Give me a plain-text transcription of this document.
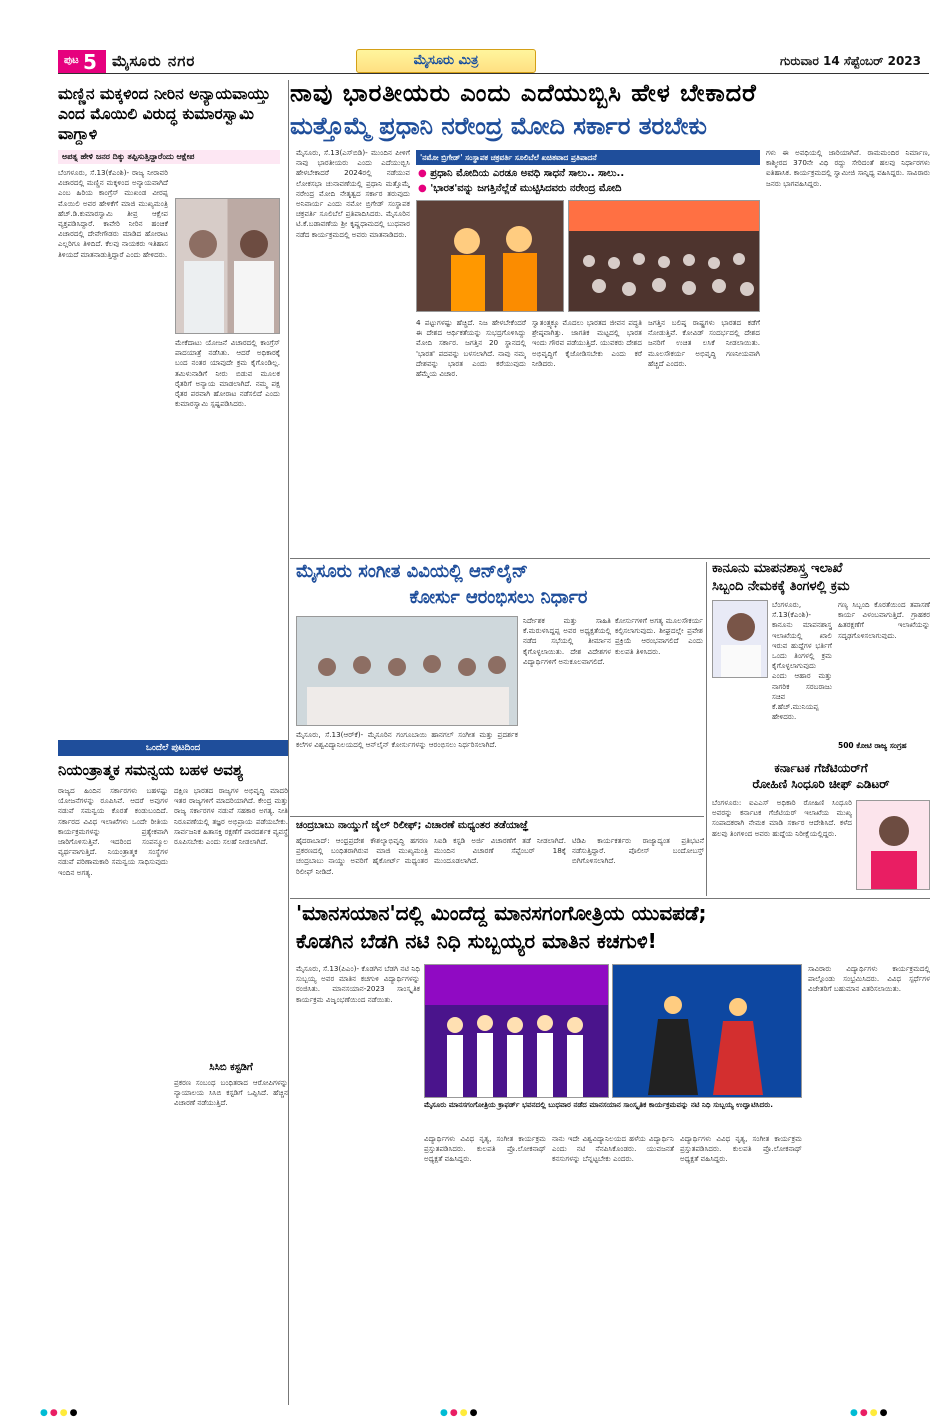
ಪುಟ 5 ಮೈಸೂರು ನಗರ	ಮೈಸೂರು ಮಿತ್ರ	ಗುರುವಾರ 14 ಸೆಪ್ಟೆಂಬರ್ 2023
ನಾವು ಭಾರತೀಯರು ಎಂದು ಎದೆಯುಬ್ಬಿಸಿ ಹೇಳ ಬೇಕಾದರೆ
ಮತ್ತೊಮ್ಮೆ ಪ್ರಧಾನಿ ನರೇಂದ್ರ ಮೋದಿ ಸರ್ಕಾರ ತರಬೇಕು
ಮಣ್ಣಿನ ಮಕ್ಕಳಿಂದ ನೀರಿನ ಅನ್ಯಾಯವಾಯ್ತು ಎಂದ ಮೊಯಿಲಿ ವಿರುದ್ಧ ಕುಮಾರಸ್ವಾಮಿ ವಾಗ್ದಾಳಿ
ಅಪತ್ನ ಹೇಳಿ ಜನರ ದಿಕ್ಕು ತಪ್ಪಿಸುತ್ತಿದ್ದಾರೆಂದು ಆಕ್ಷೇಪ
ಬೆಂಗಳೂರು, ಸೆ.13(ಕೆಎಂಶಿ)- ರಾಜ್ಯ ನೀರಾವರಿ ವಿಚಾರದಲ್ಲಿ ಮಣ್ಣಿನ ಮಕ್ಕಳಿಂದ ಅನ್ಯಾಯವಾಗಿದೆ ಎಂಬ ಹಿರಿಯ ಕಾಂಗ್ರೆಸ್ ಮುಖಂಡ ವೀರಪ್ಪ ಮೊಯಿಲಿ ಅವರ ಹೇಳಿಕೆಗೆ ಮಾಜಿ ಮುಖ್ಯಮಂತ್ರಿ ಹೆಚ್.ಡಿ.ಕುಮಾರಸ್ವಾಮಿ ತೀವ್ರ ಆಕ್ಷೇಪ ವ್ಯಕ್ತಪಡಿಸಿದ್ದಾರೆ. ಕಾವೇರಿ ನೀರಿನ ಹಂಚಿಕೆ ವಿಚಾರದಲ್ಲಿ ದೇವೇಗೌಡರು ಮಾಡಿದ ಹೋರಾಟ ಎಲ್ಲರಿಗೂ ತಿಳಿದಿದೆ. ಕೆಲವು ನಾಯಕರು ಇತಿಹಾಸ ತಿಳಿಯದೆ ಮಾತನಾಡುತ್ತಿದ್ದಾರೆ ಎಂದು ಹೇಳಿದರು.
ಮೇಕೆದಾಟು ಯೋಜನೆ ವಿಚಾರದಲ್ಲಿ ಕಾಂಗ್ರೆಸ್ ಪಾದಯಾತ್ರೆ ನಡೆಸಿತು. ಆದರೆ ಅಧಿಕಾರಕ್ಕೆ ಬಂದ ನಂತರ ಯಾವುದೇ ಕ್ರಮ ಕೈಗೊಂಡಿಲ್ಲ. ತಮಿಳುನಾಡಿಗೆ ನೀರು ಬಿಡುವ ಮೂಲಕ ರೈತರಿಗೆ ಅನ್ಯಾಯ ಮಾಡಲಾಗಿದೆ. ನಮ್ಮ ಪಕ್ಷ ರೈತರ ಪರವಾಗಿ ಹೋರಾಟ ನಡೆಸಲಿದೆ ಎಂದು ಕುಮಾರಸ್ವಾಮಿ ಸ್ಪಷ್ಟಪಡಿಸಿದರು.
ಒಂದೆಲೆ ಪುಟದಿಂದ
ನಿಯಂತ್ರಾತ್ಮಕ ಸಮನ್ವಯ ಬಹಳ ಅವಶ್ಯ
ರಾಜ್ಯದ ಹಿಂದಿನ ಸರ್ಕಾರಗಳು ಬಹಳಷ್ಟು ಯೋಜನೆಗಳನ್ನು ರೂಪಿಸಿವೆ. ಆದರೆ ಅವುಗಳ ನಡುವೆ ಸಮನ್ವಯ ಕೊರತೆ ಕಂಡುಬಂದಿದೆ. ಸರ್ಕಾರದ ವಿವಿಧ ಇಲಾಖೆಗಳು ಒಂದೇ ರೀತಿಯ ಕಾರ್ಯಕ್ರಮಗಳನ್ನು ಪ್ರತ್ಯೇಕವಾಗಿ ಜಾರಿಗೊಳಿಸುತ್ತಿವೆ. ಇದರಿಂದ ಸಂಪನ್ಮೂಲ ವ್ಯರ್ಥವಾಗುತ್ತಿದೆ. ನಿಯಂತ್ರಾತ್ಮಕ ಸಂಸ್ಥೆಗಳ ನಡುವೆ ಪರಿಣಾಮಕಾರಿ ಸಮನ್ವಯ ಸಾಧಿಸುವುದು ಇಂದಿನ ಅಗತ್ಯ.
ದಕ್ಷಿಣ ಭಾರತದ ರಾಜ್ಯಗಳ ಅಭಿವೃದ್ಧಿ ಮಾದರಿ ಇತರ ರಾಜ್ಯಗಳಿಗೆ ಮಾದರಿಯಾಗಿದೆ. ಕೇಂದ್ರ ಮತ್ತು ರಾಜ್ಯ ಸರ್ಕಾರಗಳ ನಡುವೆ ಸಹಕಾರ ಅಗತ್ಯ. ನೀತಿ ನಿರೂಪಣೆಯಲ್ಲಿ ತಜ್ಞರ ಅಭಿಪ್ರಾಯ ಪಡೆಯಬೇಕು. ಸಾರ್ವಜನಿಕ ಹಿತಾಸಕ್ತಿ ರಕ್ಷಣೆಗೆ ಪಾರದರ್ಶಕ ವ್ಯವಸ್ಥೆ ರೂಪಿಸಬೇಕು ಎಂದು ಸಲಹೆ ನೀಡಲಾಗಿದೆ.
ಸಿಸಿಬಿ ಕಸ್ಟಡಿಗೆ
ಪ್ರಕರಣ ಸಂಬಂಧ ಬಂಧಿತರಾದ ಆರೋಪಿಗಳನ್ನು ನ್ಯಾಯಾಲಯ ಸಿಸಿಬಿ ಕಸ್ಟಡಿಗೆ ಒಪ್ಪಿಸಿದೆ. ಹೆಚ್ಚಿನ ವಿಚಾರಣೆ ನಡೆಯುತ್ತಿದೆ.
ಮೈಸೂರು, ಸೆ.13(ಎಸ್‌ಬಿಡಿ)- ಮುಂದಿನ ಪೀಳಿಗೆ ನಾವು ಭಾರತೀಯರು ಎಂದು ಎದೆಯುಬ್ಬಿಸಿ ಹೇಳಬೇಕಾದರೆ 2024ರಲ್ಲಿ ನಡೆಯುವ ಲೋಕಸಭಾ ಚುನಾವಣೆಯಲ್ಲಿ ಪ್ರಧಾನಿ ಮತ್ತೊಮ್ಮೆ ನರೇಂದ್ರ ಮೋದಿ ನೇತೃತ್ವದ ಸರ್ಕಾರ ತರುವುದು ಅನಿವಾರ್ಯ ಎಂದು ನಮೋ ಬ್ರಿಗೇಡ್ ಸಂಸ್ಥಾಪಕ ಚಕ್ರವರ್ತಿ ಸೂಲಿಬೆಲೆ ಪ್ರತಿಪಾದಿಸಿದರು. ಮೈಸೂರಿನ ಟಿ.ಕೆ.ಬಡಾವಣೆಯ ಶ್ರೀ ಕೃಷ್ಣಧಾಮದಲ್ಲಿ ಬುಧವಾರ ನಡೆದ ಕಾರ್ಯಕ್ರಮದಲ್ಲಿ ಅವರು ಮಾತನಾಡಿದರು.
'ನಮೋ ಬ್ರಿಗೇಡ್' ಸಂಸ್ಥಾಪಕ ಚಕ್ರವರ್ತಿ ಸೂಲಿಬೆಲೆ ಖಚಿತವಾದ ಪ್ರತಿಪಾದನೆ
● ಪ್ರಧಾನಿ ಮೋದಿಯ ಎರಡೂ ಅವಧಿ ಸಾಧನೆ ಸಾಲು.. ಸಾಲು..
● 'ಭಾರತ'ವನ್ನು ಜಗತ್ತಿನೆಲ್ಲೆಡೆ ಮುಟ್ಟಿಸಿದವರು ನರೇಂದ್ರ ಮೋದಿ
4 ಪಟ್ಟುಗಳಷ್ಟು ಹೆಚ್ಚಿದೆ. ನಿಜ ಹೇಳಬೇಕೆಂದರೆ ಈ ದೇಶದ ಆರ್ಥಿಕತೆಯನ್ನು ಸುಭದ್ರಗೊಳಿಸಿದ್ದು ಮೋದಿ ಸರ್ಕಾರ. ಜಗತ್ತಿನ 20 ಸ್ಥಾನದಲ್ಲಿ 'ಭಾರತ' ಪದವನ್ನು ಬಳಸಲಾಗಿದೆ. ನಾವು ನಮ್ಮ ದೇಶವನ್ನು ಭಾರತ ಎಂದು ಕರೆಯುವುದು ಹೆಮ್ಮೆಯ ವಿಚಾರ.
ಸ್ವಾತಂತ್ರ್ಯಕ್ಕೂ ಮೊದಲು ಭಾರತದ ಜೀವನ ಪದ್ಧತಿ ಶ್ರೇಷ್ಠವಾಗಿತ್ತು. ಜಾಗತಿಕ ಮಟ್ಟದಲ್ಲಿ ಭಾರತ ಇಂದು ಗೌರವ ಪಡೆಯುತ್ತಿದೆ. ಯುವಕರು ದೇಶದ ಅಭಿವೃದ್ಧಿಗೆ ಕೈಜೋಡಿಸಬೇಕು ಎಂದು ಕರೆ ನೀಡಿದರು.
ಜಗತ್ತಿನ ಬಲಿಷ್ಠ ರಾಷ್ಟ್ರಗಳು ಭಾರತದ ಕಡೆಗೆ ನೋಡುತ್ತಿವೆ. ಕೋವಿಡ್ ಸಂದರ್ಭದಲ್ಲಿ ದೇಶದ ಜನರಿಗೆ ಉಚಿತ ಲಸಿಕೆ ನೀಡಲಾಯಿತು. ಮೂಲಸೌಕರ್ಯ ಅಭಿವೃದ್ಧಿ ಗಣನೀಯವಾಗಿ ಹೆಚ್ಚಿದೆ ಎಂದರು.
ಗಳು ಈ ಅವಧಿಯಲ್ಲಿ ಜಾರಿಯಾಗಿವೆ. ರಾಮಮಂದಿರ ನಿರ್ಮಾಣ, ಕಾಶ್ಮೀರದ 370ನೇ ವಿಧಿ ರದ್ದು ಸೇರಿದಂತೆ ಹಲವು ನಿರ್ಧಾರಗಳು ಐತಿಹಾಸಿಕ. ಕಾರ್ಯಕ್ರಮದಲ್ಲಿ ಸ್ವಾಮೀಜಿ ಸಾನ್ನಿಧ್ಯ ವಹಿಸಿದ್ದರು. ಸಾವಿರಾರು ಜನರು ಭಾಗವಹಿಸಿದ್ದರು.
ಮೈಸೂರು ಸಂಗೀತ ವಿವಿಯಲ್ಲಿ ಆನ್‌ಲೈನ್
ಕೋರ್ಸು ಆರಂಭಿಸಲು ನಿರ್ಧಾರ
ನಿರ್ದೇಶಕ ಮತ್ತು ಸಾಹಿತಿ ಕೆ.ಮರುಳಸಿದ್ದಪ್ಪ ಅವರ ಅಧ್ಯಕ್ಷತೆಯಲ್ಲಿ ನಡೆದ ಸಭೆಯಲ್ಲಿ ತೀರ್ಮಾನ ಕೈಗೊಳ್ಳಲಾಯಿತು. ದೇಶ ವಿದೇಶಗಳ ವಿದ್ಯಾರ್ಥಿಗಳಿಗೆ ಅನುಕೂಲವಾಗಲಿದೆ.
ಕೋರ್ಸುಗಳಿಗೆ ಅಗತ್ಯ ಮೂಲಸೌಕರ್ಯ ಕಲ್ಪಿಸಲಾಗುವುದು. ಶೀಘ್ರದಲ್ಲೇ ಪ್ರವೇಶ ಪ್ರಕ್ರಿಯೆ ಆರಂಭವಾಗಲಿದೆ ಎಂದು ಕುಲಪತಿ ತಿಳಿಸಿದರು.
ಮೈಸೂರು, ಸೆ.13(ಆರ್‌ಕೆ)- ಮೈಸೂರಿನ ಗಂಗೂಬಾಯಿ ಹಾನಗಲ್ ಸಂಗೀತ ಮತ್ತು ಪ್ರದರ್ಶಕ ಕಲೆಗಳ ವಿಶ್ವವಿದ್ಯಾನಿಲಯದಲ್ಲಿ ಆನ್‌ಲೈನ್ ಕೋರ್ಸುಗಳನ್ನು ಆರಂಭಿಸಲು ನಿರ್ಧರಿಸಲಾಗಿದೆ.
ಚಂದ್ರಬಾಬು ನಾಯ್ಡುಗೆ ಜೈಲ್ ರಿಲೀಫ್; ವಿಚಾರಣೆ ಮಧ್ಯಂತರ ತಡೆಯಾಜ್ಞೆ
ಹೈದರಾಬಾದ್: ಆಂಧ್ರಪ್ರದೇಶ ಕೌಶಲ್ಯಾಭಿವೃದ್ಧಿ ಹಗರಣ ಪ್ರಕರಣದಲ್ಲಿ ಬಂಧಿತರಾಗಿರುವ ಮಾಜಿ ಮುಖ್ಯಮಂತ್ರಿ ಚಂದ್ರಬಾಬು ನಾಯ್ಡು ಅವರಿಗೆ ಹೈಕೋರ್ಟ್ ಮಧ್ಯಂತರ ರಿಲೀಫ್ ನೀಡಿದೆ.
ಸಿಐಡಿ ಕಸ್ಟಡಿ ಅರ್ಜಿ ವಿಚಾರಣೆಗೆ ತಡೆ ನೀಡಲಾಗಿದೆ. ಮುಂದಿನ ವಿಚಾರಣೆ ಸೆಪ್ಟೆಂಬರ್ 18ಕ್ಕೆ ಮುಂದೂಡಲಾಗಿದೆ.
ಟಿಡಿಪಿ ಕಾರ್ಯಕರ್ತರು ರಾಜ್ಯಾದ್ಯಂತ ಪ್ರತಿಭಟನೆ ನಡೆಸುತ್ತಿದ್ದಾರೆ. ಪೊಲೀಸ್ ಬಂದೋಬಸ್ತ್ ಬಿಗಿಗೊಳಿಸಲಾಗಿದೆ.
ಕಾನೂನು ಮಾಪನಶಾಸ್ತ್ರ ಇಲಾಖೆ
ಸಿಬ್ಬಂದಿ ನೇಮಕಕ್ಕೆ ತಿಂಗಳಲ್ಲಿ ಕ್ರಮ
ಬೆಂಗಳೂರು, ಸೆ.13(ಕೆಎಂಶಿ)- ಕಾನೂನು ಮಾಪನಶಾಸ್ತ್ರ ಇಲಾಖೆಯಲ್ಲಿ ಖಾಲಿ ಇರುವ ಹುದ್ದೆಗಳ ಭರ್ತಿಗೆ ಒಂದು ತಿಂಗಳಲ್ಲಿ ಕ್ರಮ ಕೈಗೊಳ್ಳಲಾಗುವುದು ಎಂದು ಆಹಾರ ಮತ್ತು ನಾಗರಿಕ ಸರಬರಾಜು ಸಚಿವ ಕೆ.ಹೆಚ್.ಮುನಿಯಪ್ಪ ಹೇಳಿದರು.
ಗಣ್ಯ ಸಿಬ್ಬಂದಿ ಕೊರತೆಯಿಂದ ತಪಾಸಣೆ ಕಾರ್ಯ ವಿಳಂಬವಾಗುತ್ತಿದೆ. ಗ್ರಾಹಕರ ಹಿತರಕ್ಷಣೆಗೆ ಇಲಾಖೆಯನ್ನು ಸದೃಢಗೊಳಿಸಲಾಗುವುದು.
500 ಕೋಟಿ ರಾಜ್ಯ ಸಂಗ್ರಹ
ಕರ್ನಾಟಕ ಗೆಜೆಟಿಯರ್‌ಗೆ
ರೋಹಿಣಿ ಸಿಂಧೂರಿ ಚೀಫ್ ಎಡಿಟರ್
ಬೆಂಗಳೂರು: ಐಎಎಸ್ ಅಧಿಕಾರಿ ರೋಹಿಣಿ ಸಿಂಧೂರಿ ಅವರನ್ನು ಕರ್ನಾಟಕ ಗೆಜೆಟಿಯರ್ ಇಲಾಖೆಯ ಮುಖ್ಯ ಸಂಪಾದಕರಾಗಿ ನೇಮಕ ಮಾಡಿ ಸರ್ಕಾರ ಆದೇಶಿಸಿದೆ. ಕಳೆದ ಹಲವು ತಿಂಗಳಿಂದ ಅವರು ಹುದ್ದೆಯ ನಿರೀಕ್ಷೆಯಲ್ಲಿದ್ದರು.
'ಮಾನಸಯಾನ'ದಲ್ಲಿ ಮಿಂದೆದ್ದ ಮಾನಸಗಂಗೋತ್ರಿಯ ಯುವಪಡೆ;
ಕೊಡಗಿನ ಬೆಡಗಿ ನಟಿ ನಿಧಿ ಸುಬ್ಬಯ್ಯರ ಮಾತಿನ ಕಚಗುಳಿ!
ಮೈಸೂರು, ಸೆ.13(ಪಿಎಂ)- ಕೊಡಗಿನ ಬೆಡಗಿ ನಟಿ ನಿಧಿ ಸುಬ್ಬಯ್ಯ ಅವರ ಮಾತಿನ ಕಚಗುಳಿ ವಿದ್ಯಾರ್ಥಿಗಳನ್ನು ರಂಜಿಸಿತು. ಮಾನಸಯಾನ-2023 ಸಾಂಸ್ಕೃತಿಕ ಕಾರ್ಯಕ್ರಮ ವಿಜೃಂಭಣೆಯಿಂದ ನಡೆಯಿತು.
ಮೈಸೂರು ಮಾನಸಗಂಗೋತ್ರಿಯ ಕ್ರಾಫರ್ಡ್ ಭವನದಲ್ಲಿ ಬುಧವಾರ ನಡೆದ ಮಾನಸಯಾನ ಸಾಂಸ್ಕೃತಿಕ ಕಾರ್ಯಕ್ರಮವನ್ನು ನಟಿ ನಿಧಿ ಸುಬ್ಬಯ್ಯ ಉದ್ಘಾಟಿಸಿದರು.
ವಿದ್ಯಾರ್ಥಿಗಳು ವಿವಿಧ ನೃತ್ಯ, ಸಂಗೀತ ಕಾರ್ಯಕ್ರಮ ಪ್ರಸ್ತುತಪಡಿಸಿದರು. ಕುಲಪತಿ ಪ್ರೊ.ಲೋಕನಾಥ್ ಅಧ್ಯಕ್ಷತೆ ವಹಿಸಿದ್ದರು.
ನಾನು ಇದೇ ವಿಶ್ವವಿದ್ಯಾನಿಲಯದ ಹಳೆಯ ವಿದ್ಯಾರ್ಥಿನಿ ಎಂದು ನಟಿ ನೆನಪಿಸಿಕೊಂಡರು. ಯುವಜನತೆ ಕನಸುಗಳನ್ನು ಬೆನ್ನಟ್ಟಬೇಕು ಎಂದರು.
ವಿದ್ಯಾರ್ಥಿಗಳು ವಿವಿಧ ನೃತ್ಯ, ಸಂಗೀತ ಕಾರ್ಯಕ್ರಮ ಪ್ರಸ್ತುತಪಡಿಸಿದರು. ಕುಲಪತಿ ಪ್ರೊ.ಲೋಕನಾಥ್ ಅಧ್ಯಕ್ಷತೆ ವಹಿಸಿದ್ದರು.
ಸಾವಿರಾರು ವಿದ್ಯಾರ್ಥಿಗಳು ಕಾರ್ಯಕ್ರಮದಲ್ಲಿ ಪಾಲ್ಗೊಂಡು ಸಂಭ್ರಮಿಸಿದರು. ವಿವಿಧ ಸ್ಪರ್ಧೆಗಳ ವಿಜೇತರಿಗೆ ಬಹುಮಾನ ವಿತರಿಸಲಾಯಿತು.
●●●●	●●●●	●●●●
